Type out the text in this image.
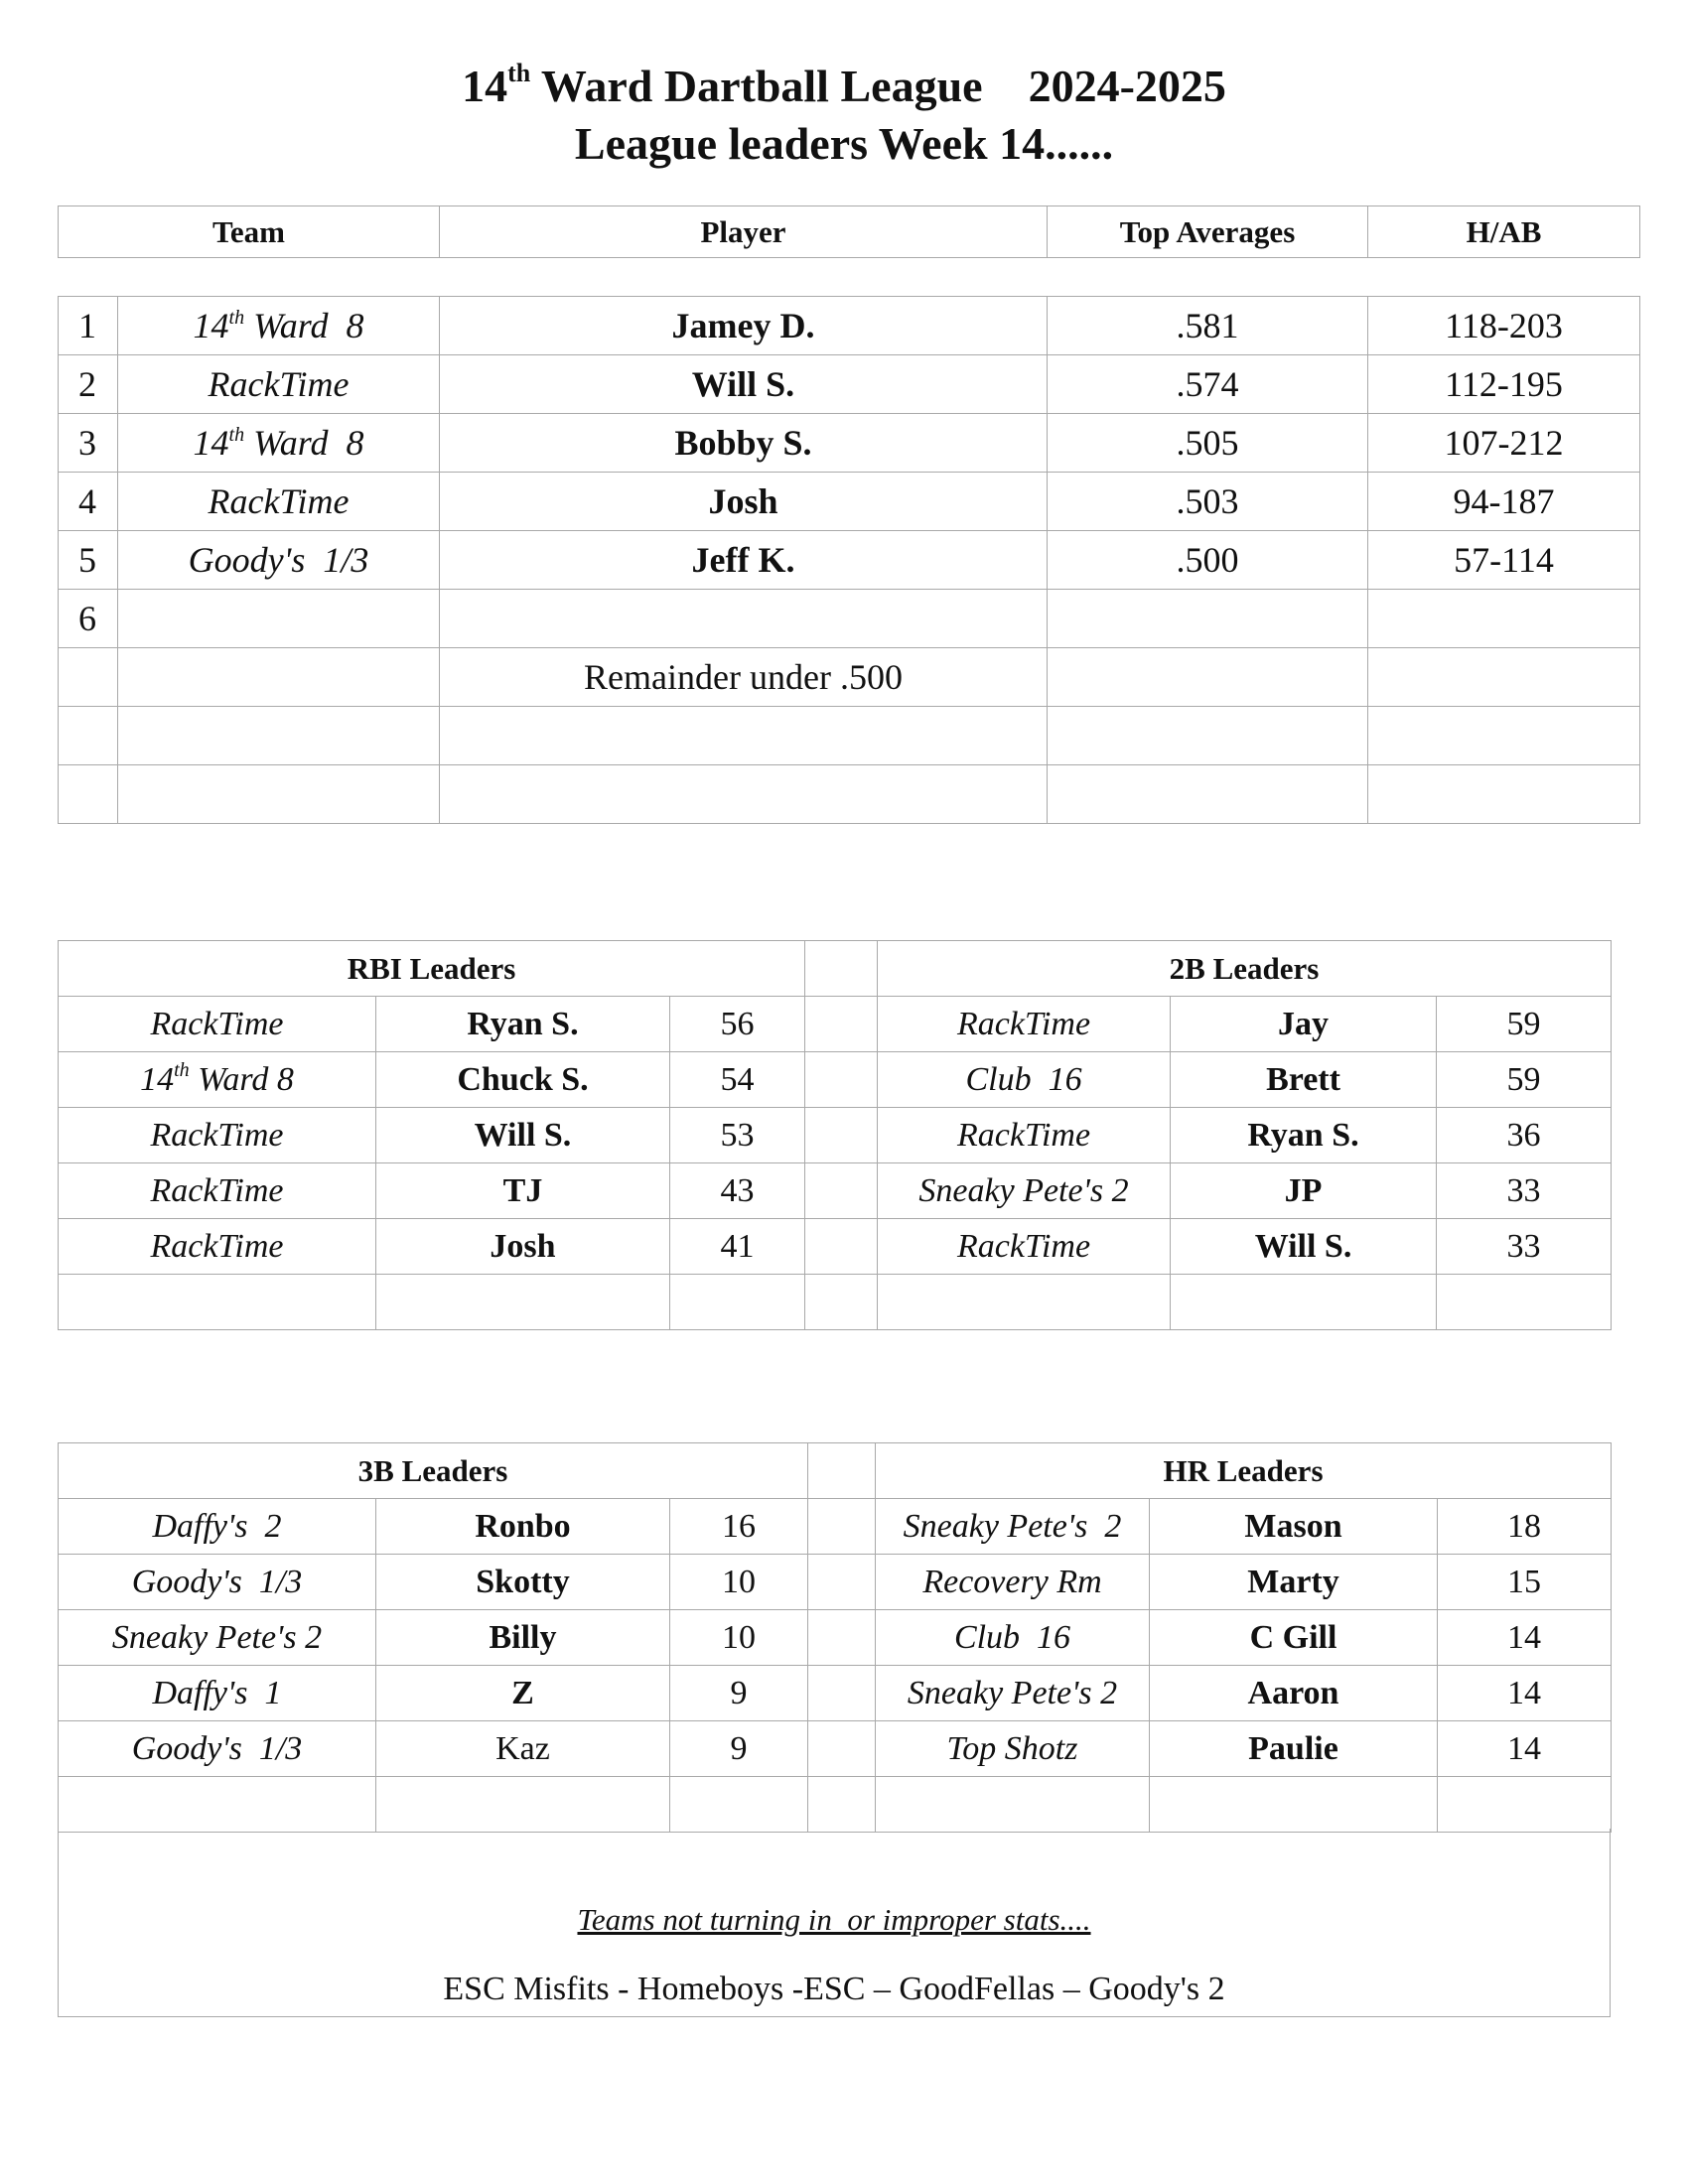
14th Ward Dartball League    2024-2025
League leaders Week 14......
Team	Player	Top Averages	H/AB
1	14th Ward  8	Jamey D.	.581	118-203
2	RackTime	Will S.	.574	112-195
3	14th Ward  8	Bobby S.	.505	107-212
4	RackTime	Josh	.503	94-187
5	Goody's  1/3	Jeff K.	.500	57-114
6				
		Remainder under .500		

RBI Leaders				2B Leaders		
RackTime	Ryan S.	56		RackTime	Jay	59
14th Ward 8	Chuck S.	54		Club  16	Brett	59
RackTime	Will S.	53		RackTime	Ryan S.	36
RackTime	TJ	43		Sneaky Pete's 2	JP	33
RackTime	Josh	41		RackTime	Will S.	33

3B Leaders				HR Leaders		
Daffy's  2	Ronbo	16		Sneaky Pete's  2	Mason	18
Goody's  1/3	Skotty	10		Recovery Rm	Marty	15
Sneaky Pete's 2	Billy	10		Club  16	C Gill	14
Daffy's  1	Z	9		Sneaky Pete's 2	Aaron	14
Goody's  1/3	Kaz	9		Top Shotz	Paulie	14

Teams not turning in  or improper stats....
ESC Misfits - Homeboys -ESC – GoodFellas – Goody's 2
